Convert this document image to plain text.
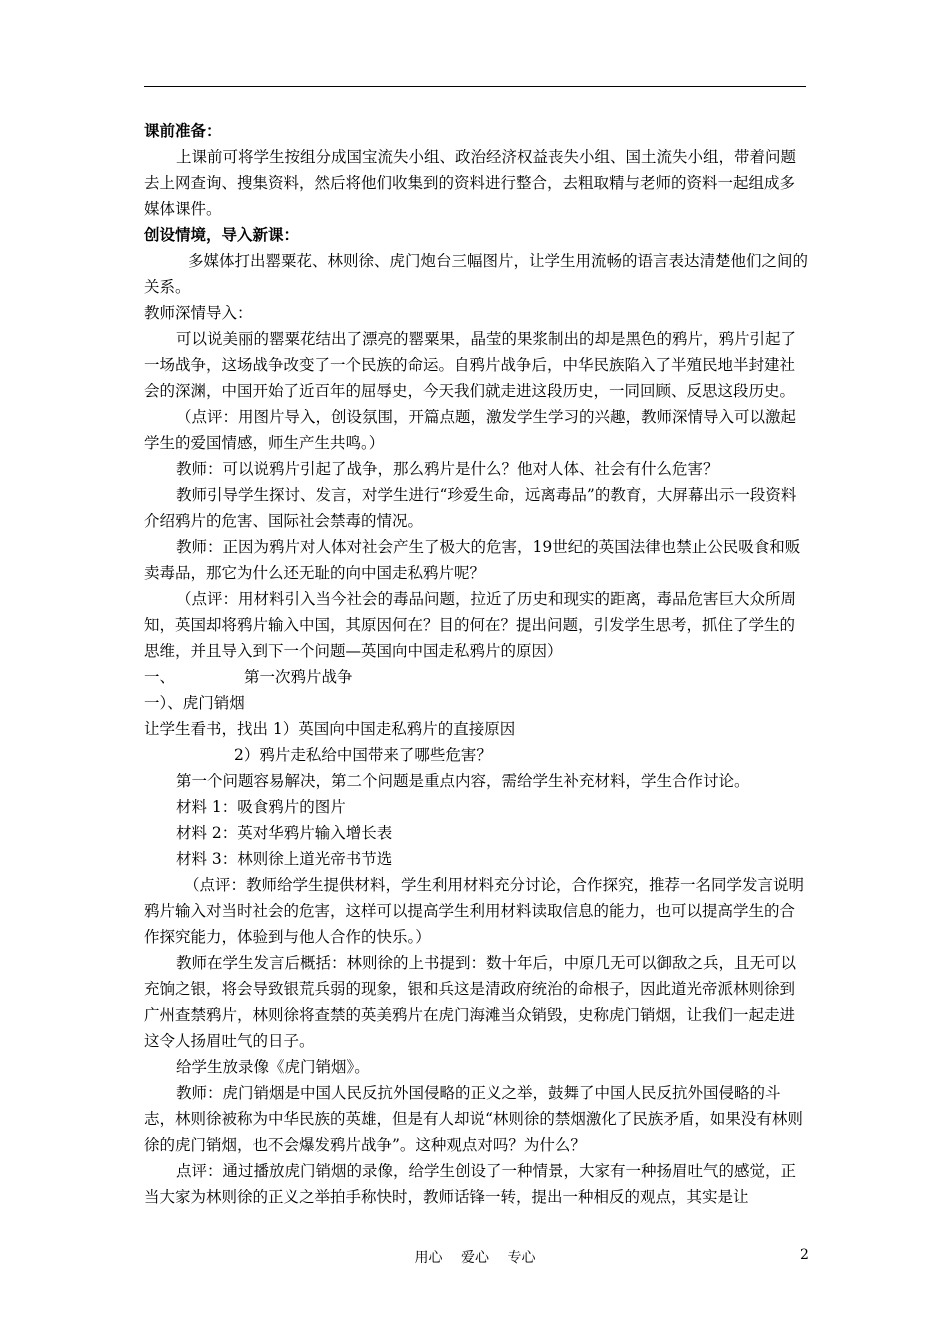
课前准备：

上课前可将学生按组分成国宝流失小组、政治经济权益丧失小组、国土流失小组，带着问题去上网查询、搜集资料，然后将他们收集到的资料进行整合，去粗取精与老师的资料一起组成多媒体课件。

创设情境，导入新课：

多媒体打出罂粟花、林则徐、虎门炮台三幅图片，让学生用流畅的语言表达清楚他们之间的关系。

教师深情导入：

可以说美丽的罂粟花结出了漂亮的罂粟果，晶莹的果浆制出的却是黑色的鸦片，鸦片引起了一场战争，这场战争改变了一个民族的命运。自鸦片战争后，中华民族陷入了半殖民地半封建社会的深渊，中国开始了近百年的屈辱史，今天我们就走进这段历史，一同回顾、反思这段历史。

（点评：用图片导入，创设氛围，开篇点题，激发学生学习的兴趣，教师深情导入可以激起学生的爱国情感，师生产生共鸣。）

教师：可以说鸦片引起了战争，那么鸦片是什么？他对人体、社会有什么危害？

教师引导学生探讨、发言，对学生进行“珍爱生命，远离毒品”的教育，大屏幕出示一段资料介绍鸦片的危害、国际社会禁毒的情况。

教师：正因为鸦片对人体对社会产生了极大的危害，19世纪的英国法律也禁止公民吸食和贩卖毒品，那它为什么还无耻的向中国走私鸦片呢？

（点评：用材料引入当今社会的毒品问题，拉近了历史和现实的距离，毒品危害巨大众所周知，英国却将鸦片输入中国，其原因何在？目的何在？提出问题，引发学生思考，抓住了学生的思维，并且导入到下一个问题—英国向中国走私鸦片的原因）

一、	第一次鸦片战争

一）、虎门销烟

让学生看书，找出 1）英国向中国走私鸦片的直接原因

2）鸦片走私给中国带来了哪些危害？

第一个问题容易解决，第二个问题是重点内容，需给学生补充材料，学生合作讨论。

材料 1：吸食鸦片的图片

材料 2：英对华鸦片输入增长表

材料 3：林则徐上道光帝书节选

（点评：教师给学生提供材料，学生利用材料充分讨论，合作探究，推荐一名同学发言说明鸦片输入对当时社会的危害，这样可以提高学生利用材料读取信息的能力，也可以提高学生的合作探究能力，体验到与他人合作的快乐。）

教师在学生发言后概括：林则徐的上书提到：数十年后，中原几无可以御敌之兵，且无可以充饷之银，将会导致银荒兵弱的现象，银和兵这是清政府统治的命根子，因此道光帝派林则徐到广州查禁鸦片，林则徐将查禁的英美鸦片在虎门海滩当众销毁，史称虎门销烟，让我们一起走进这令人扬眉吐气的日子。

给学生放录像《虎门销烟》。

教师：虎门销烟是中国人民反抗外国侵略的正义之举，鼓舞了中国人民反抗外国侵略的斗志，林则徐被称为中华民族的英雄，但是有人却说“林则徐的禁烟激化了民族矛盾，如果没有林则徐的虎门销烟，也不会爆发鸦片战争”。这种观点对吗？为什么？

点评：通过播放虎门销烟的录像，给学生创设了一种情景，大家有一种扬眉吐气的感觉，正当大家为林则徐的正义之举拍手称快时，教师话锋一转，提出一种相反的观点，其实是让

用心　 爱心　 专心	2
